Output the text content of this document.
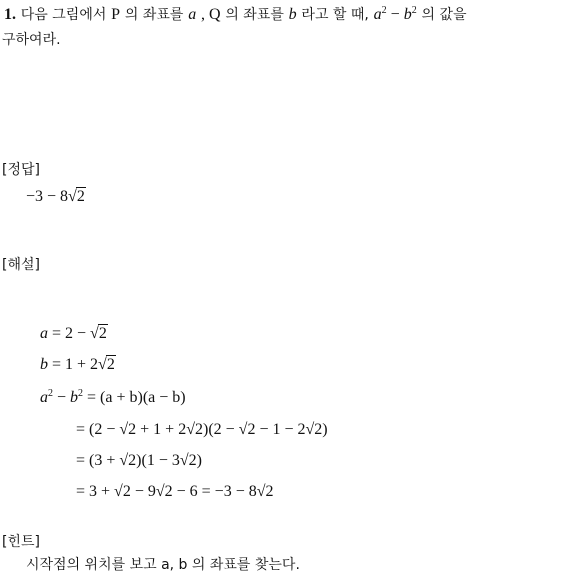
1. 다음 그림에서 P 의 좌표를 a , Q 의 좌표를 b 라고 할 때, $a^2 - b^2$ 의 값을
구하여라.
[정답]
−3 − 8√2
[해설]
a = 2 − √2
b = 1 + 2√2
$a^2 - b^2 = (a + b)(a - b)$
= (2 − √2 + 1 + 2√2)(2 − √2 − 1 − 2√2)
= (3 + √2)(1 − 3√2)
= 3 + √2 − 9√2 − 6 = −3 − 8√2
[힌트]
시작점의 위치를 보고 a, b 의 좌표를 찾는다.
